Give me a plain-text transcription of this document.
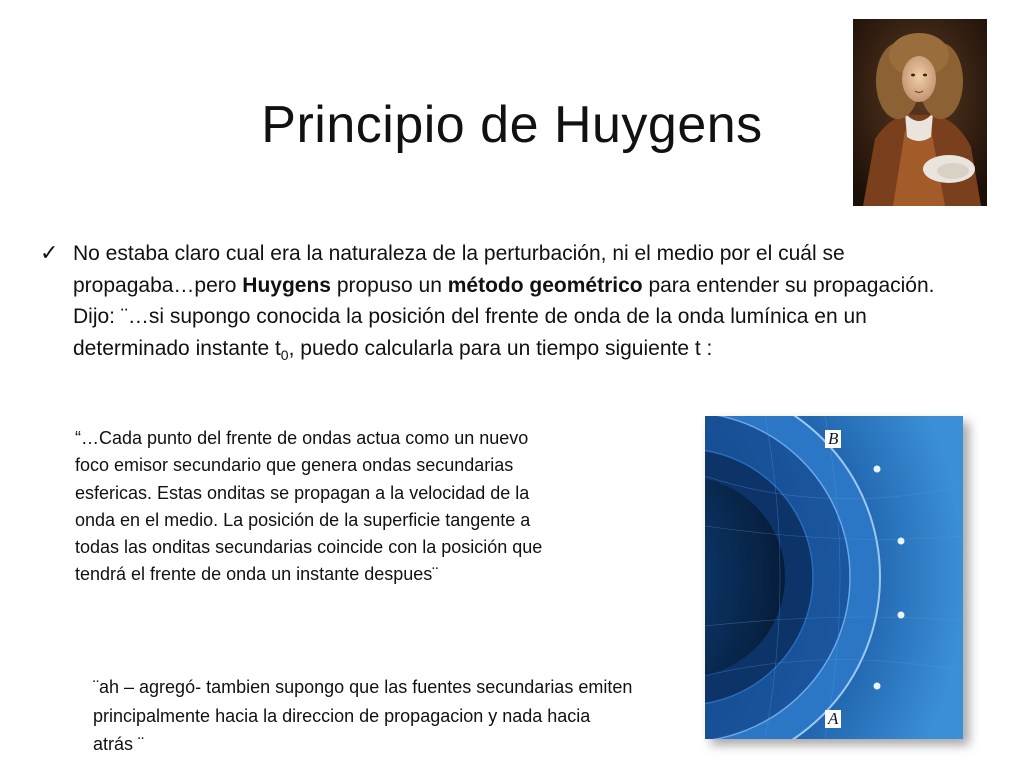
Principio de Huygens
✓ No estaba claro cual era la naturaleza de la perturbación, ni el medio por el cuál se propagaba…pero Huygens propuso un método geométrico para entender su propagación. Dijo: ¨…si supongo conocida la posición del frente de onda de la onda lumínica en un determinado instante $t_0$, puedo calcularla para un tiempo siguiente t :

“…Cada punto del frente de ondas actua como un nuevo foco emisor secundario que genera ondas secundarias esfericas. Estas onditas se propagan a la velocidad de la onda en el medio. La posición de la superficie tangente a todas las onditas secundarias coincide con la posición que tendrá el frente de onda un instante despues¨

¨ah – agregó- tambien supongo que las fuentes secundarias emiten principalmente hacia la direccion de propagacion y nada hacia atrás ¨

B
A
